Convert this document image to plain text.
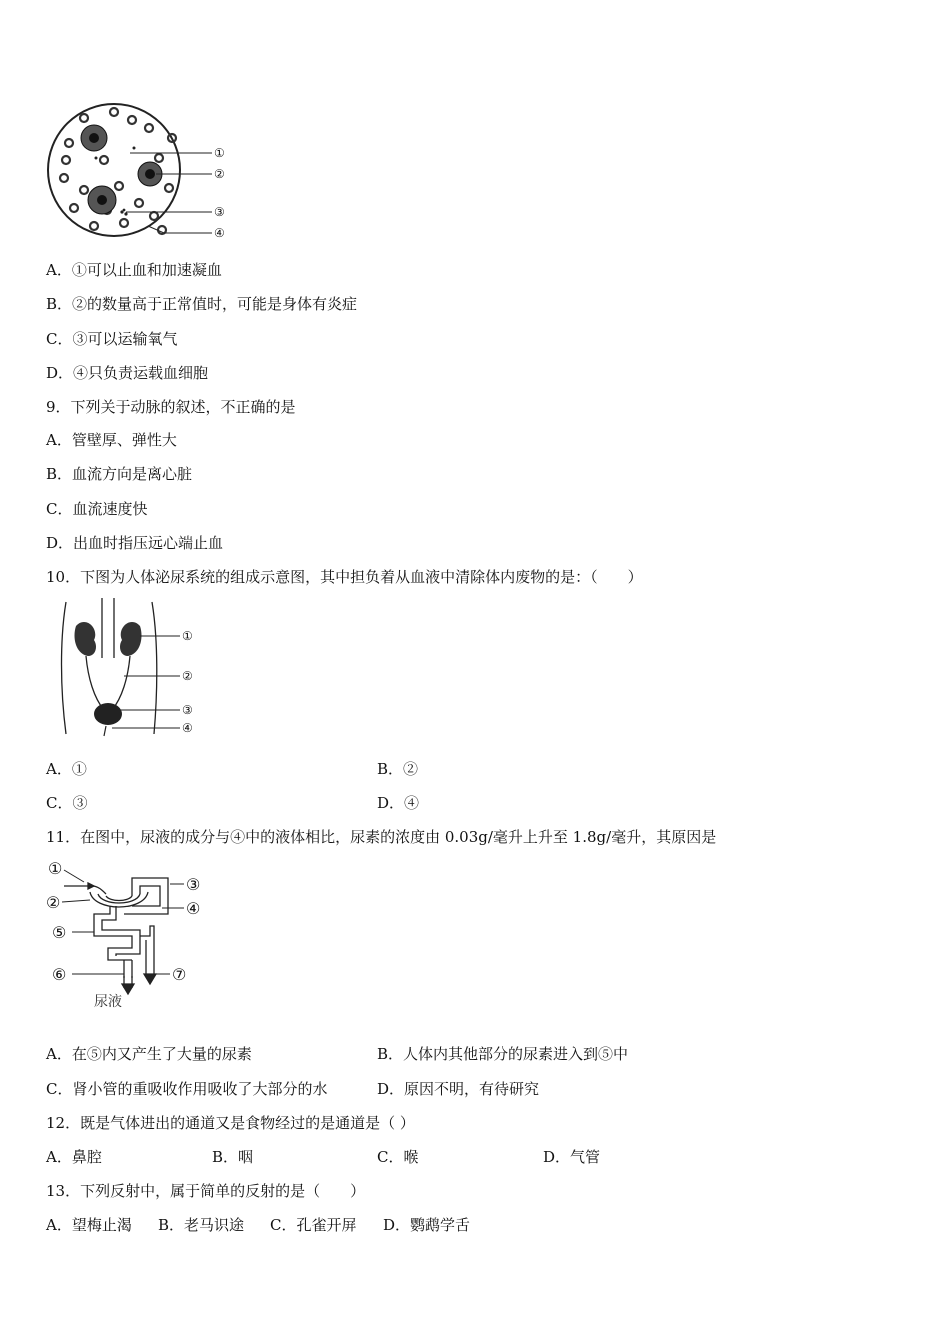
①
②
③
④
A．①可以止血和加速凝血
B．②的数量高于正常值时，可能是身体有炎症
C．③可以运输氧气
D．④只负责运载血细胞
9．下列关于动脉的叙述，不正确的是
A．管壁厚、弹性大
B．血流方向是离心脏
C．血流速度快
D．出血时指压远心端止血
10．下图为人体泌尿系统的组成示意图，其中担负着从血液中清除体内废物的是：（　　）
①
②
③
④
A．①	B．②
C．③	D．④
11．在图中，尿液的成分与④中的液体相比，尿素的浓度由 0.03g/毫升上升至 1.8g/毫升，其原因是
①
②
③
④
⑤
⑥	⑦
尿液
A．在⑤内又产生了大量的尿素	B．人体内其他部分的尿素进入到⑤中
C．肾小管的重吸收作用吸收了大部分的水	D．原因不明，有待研究
12．既是气体进出的通道又是食物经过的是通道是（ ）
A．鼻腔	B．咽	C．喉	D．气管
13．下列反射中，属于简单的反射的是（　　）
A．望梅止渴 B．老马识途 C．孔雀开屏 D．鹦鹉学舌
